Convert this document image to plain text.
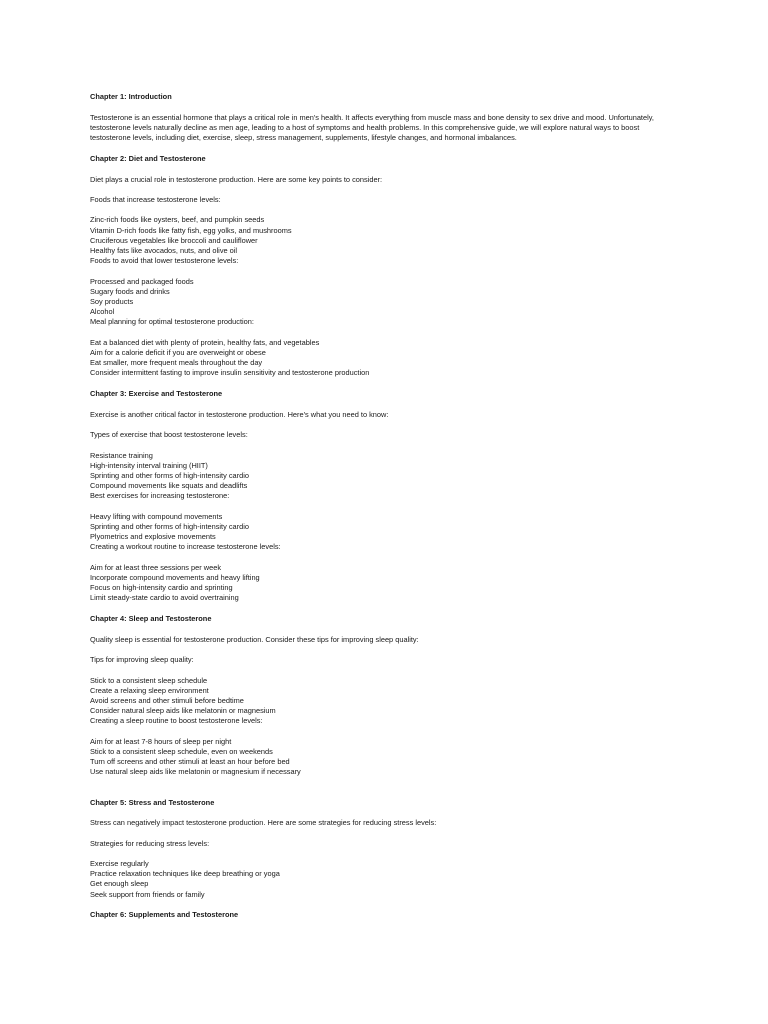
Chapter 1: Introduction

Testosterone is an essential hormone that plays a critical role in men's health. It affects everything from muscle mass and bone density to sex drive and mood. Unfortunately,

testosterone levels naturally decline as men age, leading to a host of symptoms and health problems. In this comprehensive guide, we will explore natural ways to boost

testosterone levels, including diet, exercise, sleep, stress management, supplements, lifestyle changes, and hormonal imbalances.

Chapter 2: Diet and Testosterone

Diet plays a crucial role in testosterone production. Here are some key points to consider:

Foods that increase testosterone levels:

Zinc-rich foods like oysters, beef, and pumpkin seeds

Vitamin D-rich foods like fatty fish, egg yolks, and mushrooms

Cruciferous vegetables like broccoli and cauliflower

Healthy fats like avocados, nuts, and olive oil

Foods to avoid that lower testosterone levels:

Processed and packaged foods

Sugary foods and drinks

Soy products

Alcohol

Meal planning for optimal testosterone production:

Eat a balanced diet with plenty of protein, healthy fats, and vegetables

Aim for a calorie deficit if you are overweight or obese

Eat smaller, more frequent meals throughout the day

Consider intermittent fasting to improve insulin sensitivity and testosterone production

Chapter 3: Exercise and Testosterone

Exercise is another critical factor in testosterone production. Here's what you need to know:

Types of exercise that boost testosterone levels:

Resistance training

High-intensity interval training (HIIT)

Sprinting and other forms of high-intensity cardio

Compound movements like squats and deadlifts

Best exercises for increasing testosterone:

Heavy lifting with compound movements

Sprinting and other forms of high-intensity cardio

Plyometrics and explosive movements

Creating a workout routine to increase testosterone levels:

Aim for at least three sessions per week

Incorporate compound movements and heavy lifting

Focus on high-intensity cardio and sprinting

Limit steady-state cardio to avoid overtraining

Chapter 4: Sleep and Testosterone

Quality sleep is essential for testosterone production. Consider these tips for improving sleep quality:

Tips for improving sleep quality:

Stick to a consistent sleep schedule

Create a relaxing sleep environment

Avoid screens and other stimuli before bedtime

Consider natural sleep aids like melatonin or magnesium

Creating a sleep routine to boost testosterone levels:

Aim for at least 7-8 hours of sleep per night

Stick to a consistent sleep schedule, even on weekends

Turn off screens and other stimuli at least an hour before bed

Use natural sleep aids like melatonin or magnesium if necessary

Chapter 5: Stress and Testosterone

Stress can negatively impact testosterone production. Here are some strategies for reducing stress levels:

Strategies for reducing stress levels:

Exercise regularly

Practice relaxation techniques like deep breathing or yoga

Get enough sleep

Seek support from friends or family

Chapter 6: Supplements and Testosterone
